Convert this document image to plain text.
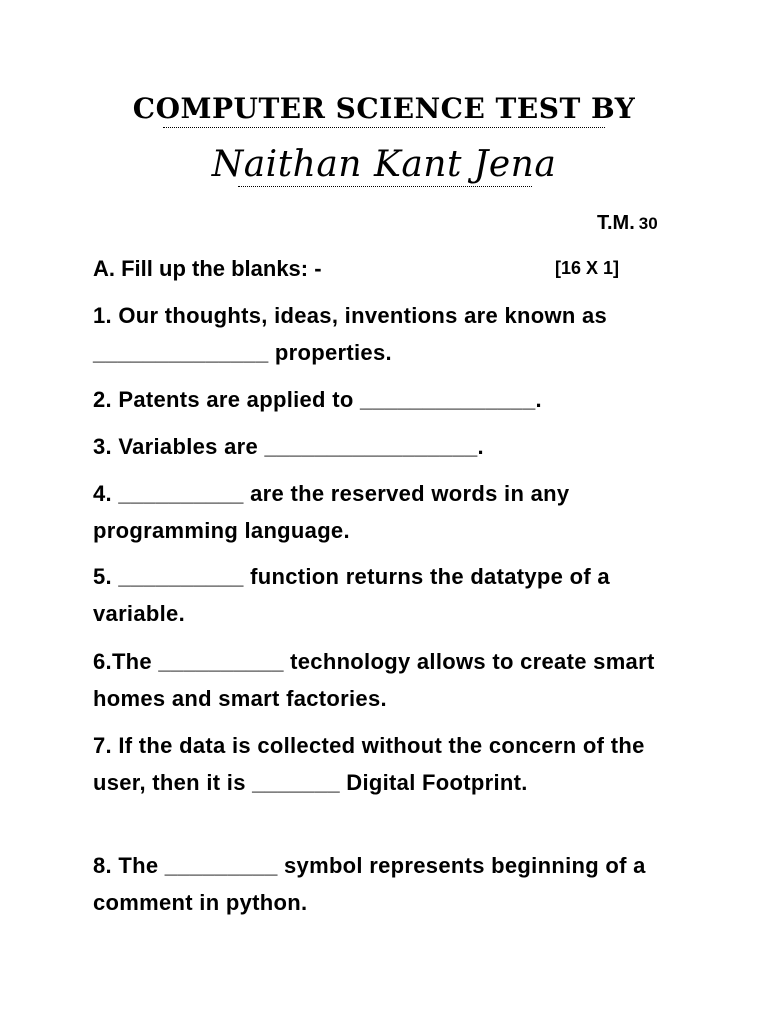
COMPUTER SCIENCE TEST BY
Naithan Kant Jena
T.M. 30
A. Fill up the blanks: -	[16 X 1]
1. Our thoughts, ideas, inventions are known as ______________ properties.
2. Patents are applied to ______________.
3. Variables are _________________.
4. __________ are the reserved words in any programming language.
5. __________ function returns the datatype of a variable.
6.The __________ technology allows to create smart homes and smart factories.
7. If the data is collected without the concern of the user, then it is _______ Digital Footprint.
8. The _________ symbol represents beginning of a comment in python.
